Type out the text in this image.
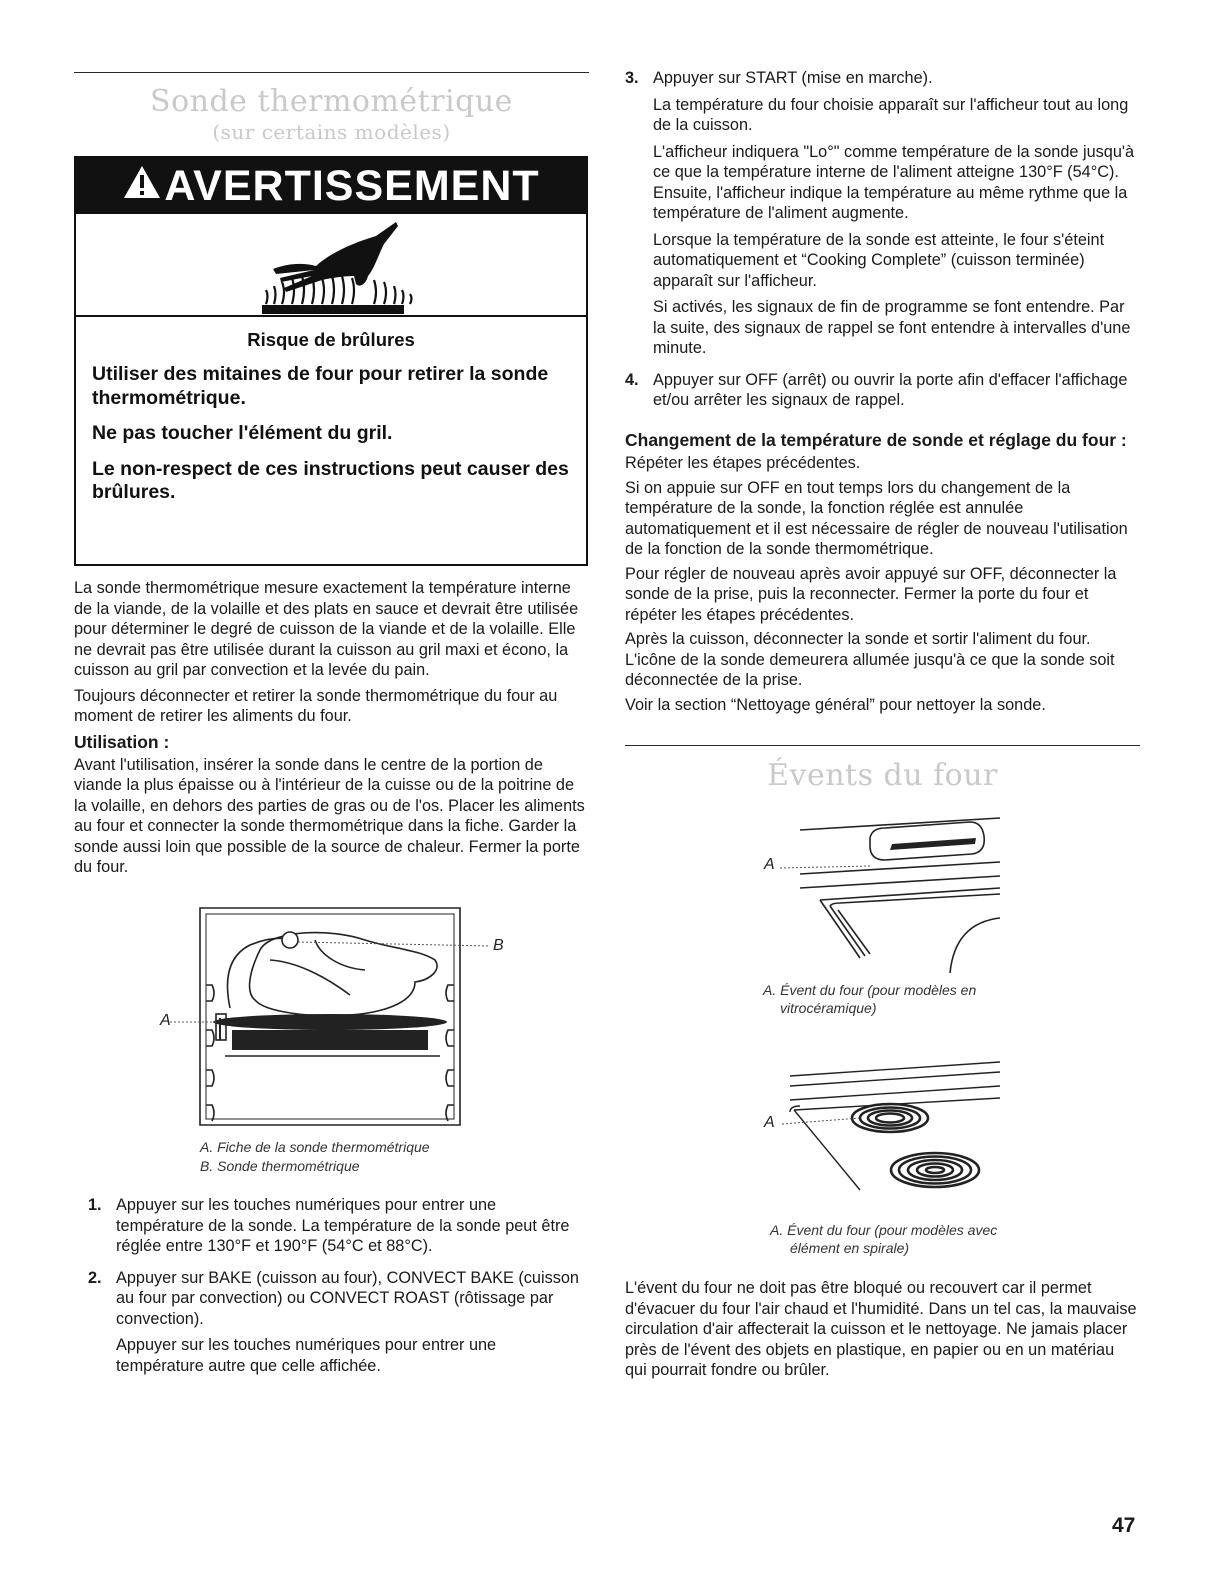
Sonde thermométrique
(sur certains modèles)
AVERTISSEMENT
Risque de brûlures

Utiliser des mitaines de four pour retirer la sonde thermométrique.

Ne pas toucher l'élément du gril.

Le non-respect de ces instructions peut causer des brûlures.

La sonde thermométrique mesure exactement la température interne de la viande, de la volaille et des plats en sauce et devrait être utilisée pour déterminer le degré de cuisson de la viande et de la volaille. Elle ne devrait pas être utilisée durant la cuisson au gril maxi et écono, la cuisson au gril par convection et la levée du pain.

Toujours déconnecter et retirer la sonde thermométrique du four au moment de retirer les aliments du four.

Utilisation :

Avant l'utilisation, insérer la sonde dans le centre de la portion de viande la plus épaisse ou à l'intérieur de la cuisse ou de la poitrine de la volaille, en dehors des parties de gras ou de l'os. Placer les aliments au four et connecter la sonde thermométrique dans la fiche. Garder la sonde aussi loin que possible de la source de chaleur. Fermer la porte du four.

A
B
A. Fiche de la sonde thermométrique
B. Sonde thermométrique
1. Appuyer sur les touches numériques pour entrer une température de la sonde. La température de la sonde peut être réglée entre 130°F et 190°F (54°C et 88°C).

2. Appuyer sur BAKE (cuisson au four), CONVECT BAKE (cuisson au four par convection) ou CONVECT ROAST (rôtissage par convection).

Appuyer sur les touches numériques pour entrer une température autre que celle affichée.

3. Appuyer sur START (mise en marche).

La température du four choisie apparaît sur l'afficheur tout au long de la cuisson.

L'afficheur indiquera "Lo°" comme température de la sonde jusqu'à ce que la température interne de l'aliment atteigne 130°F (54°C). Ensuite, l'afficheur indique la température au même rythme que la température de l'aliment augmente.

Lorsque la température de la sonde est atteinte, le four s'éteint automatiquement et “Cooking Complete” (cuisson terminée) apparaît sur l'afficheur.

Si activés, les signaux de fin de programme se font entendre. Par la suite, des signaux de rappel se font entendre à intervalles d'une minute.

4. Appuyer sur OFF (arrêt) ou ouvrir la porte afin d'effacer l'affichage et/ou arrêter les signaux de rappel.

Changement de la température de sonde et réglage du four :

Répéter les étapes précédentes.

Si on appuie sur OFF en tout temps lors du changement de la température de la sonde, la fonction réglée est annulée automatiquement et il est nécessaire de régler de nouveau l'utilisation de la fonction de la sonde thermométrique.

Pour régler de nouveau après avoir appuyé sur OFF, déconnecter la sonde de la prise, puis la reconnecter. Fermer la porte du four et répéter les étapes précédentes.

Après la cuisson, déconnecter la sonde et sortir l'aliment du four. L'icône de la sonde demeurera allumée jusqu'à ce que la sonde soit déconnectée de la prise.

Voir la section “Nettoyage général” pour nettoyer la sonde.

Évents du four
A
A. Évent du four (pour modèles en
vitrocéramique)
A
A. Évent du four (pour modèles avec
élément en spirale)

L'évent du four ne doit pas être bloqué ou recouvert car il permet d'évacuer du four l'air chaud et l'humidité. Dans un tel cas, la mauvaise circulation d'air affecterait la cuisson et le nettoyage. Ne jamais placer près de l'évent des objets en plastique, en papier ou en un matériau qui pourrait fondre ou brûler.

47
